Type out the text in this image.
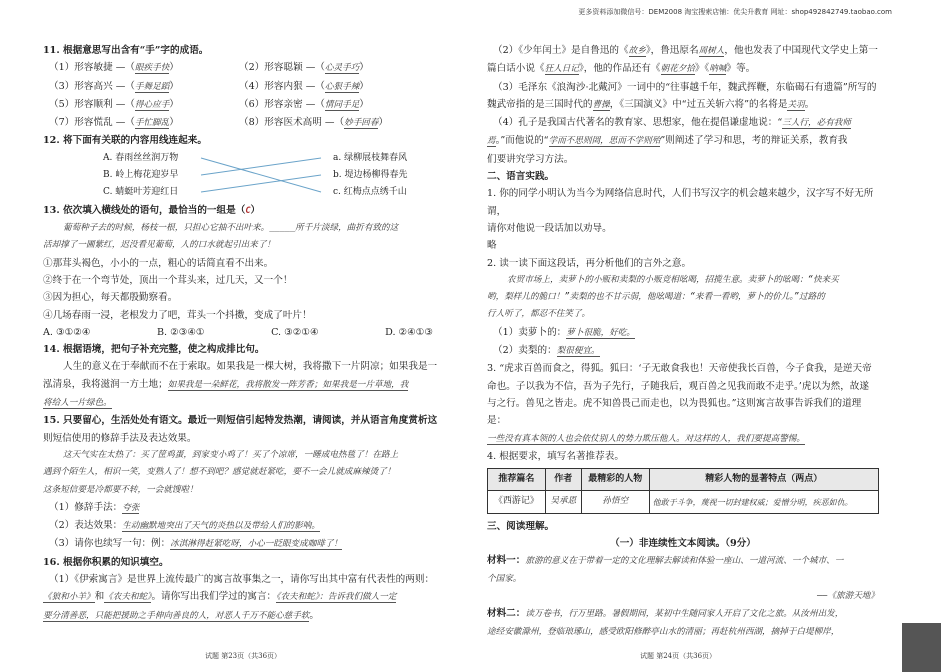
更多资料添加微信号：DEM2008 淘宝搜索店铺：优尖升教育 网址：shop492842749.taobao.com

11. 根据意思写出含有“手”字的成语。

（1）形容敏捷 —（眼疾手快）	（2）形容聪颖 —（心灵手巧）

（3）形容高兴 —（手舞足蹈）	（4）形容内狠 —（心狠手辣）

（5）形容顺利 —（得心应手）	（6）形容亲密 —（情同手足）

（7）形容慌乱 —（手忙脚乱）	（8）形容医术高明 —（妙手回春）

12. 将下面有关联的内容用线连起来。

A. 春雨丝丝润万物
B. 岭上梅花迎岁早
C. 蜻蜓叶芳迎红日
a. 绿柳展枝舞春风
b. 堤边杨柳得春先
c. 红梅点点绣千山

13. 依次填入横线处的语句，最恰当的一组是（C）

葡萄种子去的时候，杨枝一根，只担心它抽不出叶来。_____所千片淡绿，曲折有致的这

活却撑了一圃紫红，迟没看见葡萄，人的口水就起引出来了！

①那茸头褐色，小小的一点，粗心的话简直看不出来。

②终于在一个弯节处，顶出一个茸头来，过几天，又一个！

③因为担心，每天都殷勤察看。

④几场春雨一浸，老根发力了吧，茸头一个抖擞，变成了叶片！

A. ③①②④	B. ②③④①	C. ③②①④	D. ②④①③

14. 根据语境，把句子补充完整，使之构成排比句。

人生的意义在于奉献而不在于索取。如果我是一棵大树，我将撒下一片阴凉；如果我是一

泓清泉，我将滋润一方土地；如果我是一朵鲜花，我将散发一阵芳香；如果我是一片草地，我

将给人一片绿色。

15. 只要留心，生活处处有语文。最近一则短信引起特发热潮，请阅读，并从语言角度赏析这

则短信使用的修辞手法及表达效果。

这天气实在太热了：买了筐鸡蛋，到家变小鸡了！买了个凉席，一睡成电热毯了！在路上

遇到个陌生人，相识一笑，变熟人了！想不到吧？感觉就赶紧吃，要不一会儿就成麻辣烫了！

这条短信要是冷都要不转，一会就馊啦！

（1）修辞手法：夸张

（2）表达效果：生动幽默地突出了天气的炎热以及带给人们的影响。

（3）请你也续写一句：例：冰淇淋得赶紧吃呀，小心一眨眼变成咖啡了！

16. 根据你积累的知识填空。

（1）《伊索寓言》是世界上流传最广的寓言故事集之一，请你写出其中富有代表性的两则：

《狼和小羊》和《农夫和蛇》。请你写出我们学过的寓言：《农夫和蛇》：告诉我们做人一定

要分清善恶，只能把援助之手伸向善良的人，对恶人千万不能心慈手软。

试题 第23页（共36页）

（2）《少年闰土》是自鲁迅的《故乡》，鲁迅原名周树人，他也发表了中国现代文学史上第一

篇白话小说《狂人日记》，他的作品还有《朝花夕拾》《呐喊》等。

（3）毛泽东《浪淘沙·北戴河》一词中的“往事越千年，魏武挥鞭，东临碣石有遗篇”所写的

魏武帝指的是三国时代的曹操，《三国演义》中“过五关斩六将”的名将是关羽。

（4）孔子是我国古代著名的教育家、思想家，他在提倡谦虚地说：“三人行，必有我师

焉。”而他说的“学而不思则罔，思而不学则殆”则阐述了学习和思，考的辩证关系，教育我

们要讲究学习方法。

二、语言实践。

1. 你的同学小明认为当今为网络信息时代，人们书写汉字的机会越来越少，汉字写不好无所谓，

请你对他说一段话加以劝导。

略

2. 读一读下面这段话，再分析他们的言外之意。

农贸市场上，卖萝卜的小贩和卖梨的小贩竞相吆喝，招揽生意。卖萝卜的吆喝：“快来买

哟，梨样儿的脆口！”卖梨的也不甘示弱，他吆喝道：“来看一看哟，萝卜的价儿。”过路的

行人听了，都忍不住笑了。

（1）卖萝卜的：萝卜很脆，好吃。

（2）卖梨的：梨很便宜。

3. “虎求百兽而食之，得狐。狐曰：‘子无敢食我也！天帝使我长百兽，今子食我，是逆天帝

命也。子以我为不信，吾为子先行，子随我后，观百兽之见我而敢不走乎。’虎以为然，故遂

与之行。兽见之皆走。虎不知兽畏己而走也，以为畏狐也。”这则寓言故事告诉我们的道理是：

一些没有真本领的人也会依仗别人的势力欺压他人。对这样的人，我们要提高警惕。

4. 根据要求，填写名著推荐表。

推荐篇名	作者	最精彩的人物	精彩人物的显著特点（两点）
《西游记》	吴承恩	孙悟空	他敢于斗争，蔑视一切封建权威；爱憎分明，疾恶如仇。

三、阅读理解。

（一）非连续性文本阅读。（9分）

材料一：旅游的意义在于带着一定的文化理解去解读和体验一座山、一道河流、一个城市、一

个国家。

——《旅游天地》

材料二：读万卷书，行万里路。暑假期间，某初中生随同家人开启了文化之旅。从汝州出发，

途经安徽滁州，登临琅琊山，感受欧阳修醉亭山水的清丽；再赶杭州西湖，摘掉于白堤柳岸，

试题 第24页（共36页）
